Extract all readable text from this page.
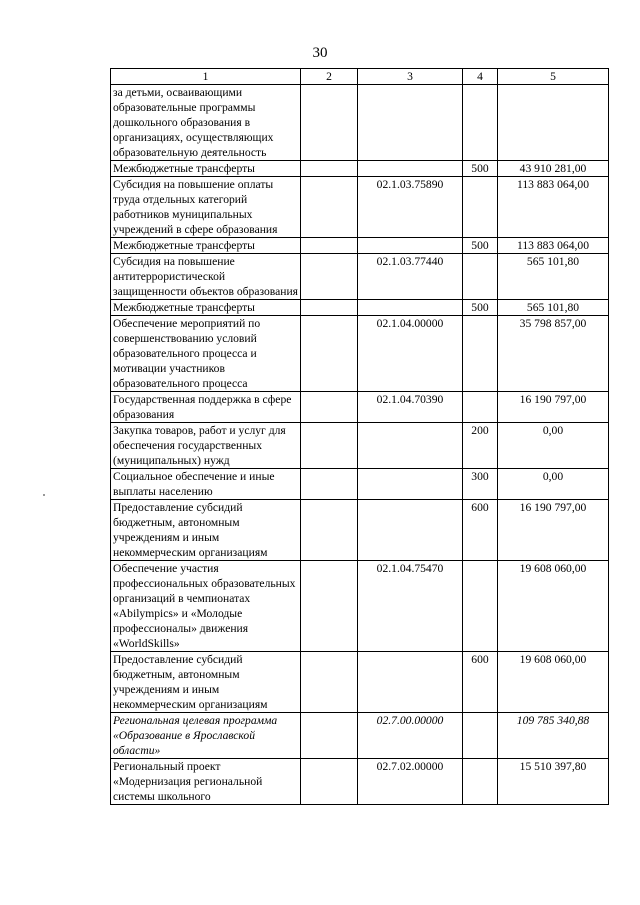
30
1	2	3	4	5
за детьми, осваивающими образовательные программы дошкольного образования в организациях, осуществляющих образовательную деятельность				
Межбюджетные трансферты			500	43 910 281,00
Субсидия на повышение оплаты труда отдельных категорий работников муниципальных учреждений в сфере образования		02.1.03.75890		113 883 064,00
Межбюджетные трансферты			500	113 883 064,00
Субсидия на повышение антитеррористической защищенности объектов образования		02.1.03.77440		565 101,80
Межбюджетные трансферты			500	565 101,80
Обеспечение мероприятий по совершенствованию условий образовательного процесса и мотивации участников образовательного процесса		02.1.04.00000		35 798 857,00
Государственная поддержка в сфере образования		02.1.04.70390		16 190 797,00
Закупка товаров, работ и услуг для обеспечения государственных (муниципальных) нужд			200	0,00
Социальное обеспечение и иные выплаты населению			300	0,00
Предоставление субсидий бюджетным, автономным учреждениям и иным некоммерческим организациям			600	16 190 797,00
Обеспечение участия профессиональных образовательных организаций в чемпионатах «Abilympics» и «Молодые профессионалы» движения «WorldSkills»		02.1.04.75470		19 608 060,00
Предоставление субсидий бюджетным, автономным учреждениям и иным некоммерческим организациям			600	19 608 060,00
Региональная целевая программа «Образование в Ярославской области»		02.7.00.00000		109 785 340,88
Региональный проект «Модернизация региональной системы школьного		02.7.02.00000		15 510 397,80
